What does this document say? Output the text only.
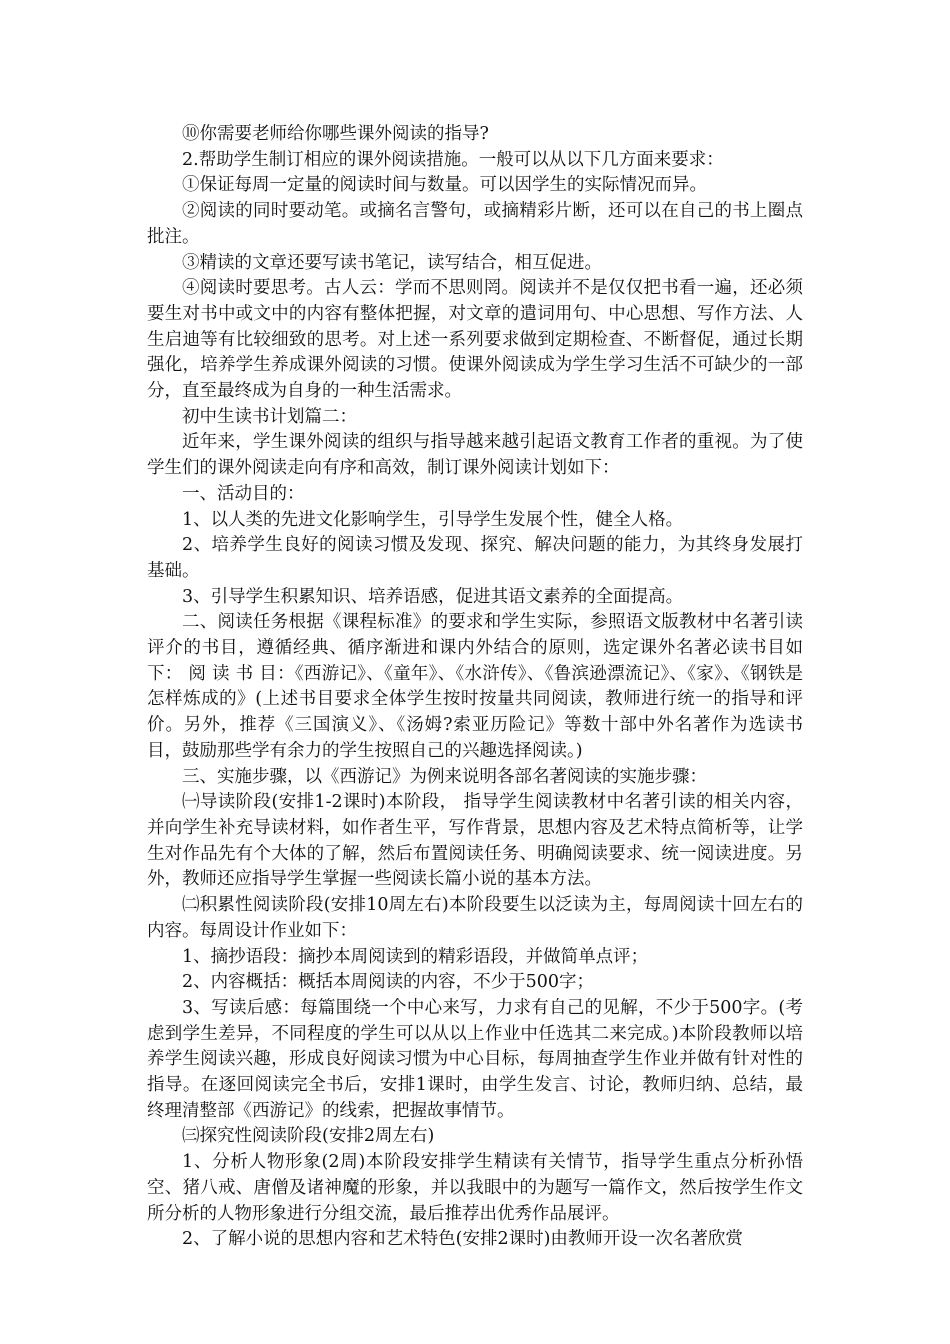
⑩你需要老师给你哪些课外阅读的指导?

2.帮助学生制订相应的课外阅读措施。一般可以从以下几方面来要求：

①保证每周一定量的阅读时间与数量。可以因学生的实际情况而异。

②阅读的同时要动笔。或摘名言警句，或摘精彩片断，还可以在自己的书上圈点批注。

③精读的文章还要写读书笔记，读写结合，相互促进。

④阅读时要思考。古人云：学而不思则罔。阅读并不是仅仅把书看一遍，还必须要生对书中或文中的内容有整体把握，对文章的遣词用句、中心思想、写作方法、人生启迪等有比较细致的思考。对上述一系列要求做到定期检查、不断督促，通过长期强化，培养学生养成课外阅读的习惯。使课外阅读成为学生学习生活不可缺少的一部分，直至最终成为自身的一种生活需求。

初中生读书计划篇二：

近年来，学生课外阅读的组织与指导越来越引起语文教育工作者的重视。为了使学生们的课外阅读走向有序和高效，制订课外阅读计划如下：

一、活动目的：

1、以人类的先进文化影响学生，引导学生发展个性，健全人格。

2、培养学生良好的阅读习惯及发现、探究、解决问题的能力，为其终身发展打基础。

3、引导学生积累知识、培养语感，促进其语文素养的全面提高。

二、阅读任务根据《课程标准》的要求和学生实际，参照语文版教材中名著引读评介的书目，遵循经典、循序渐进和课内外结合的原则，选定课外名著必读书目如下： 阅 读 书 目：《西游记》、《童年》、《水浒传》、《鲁滨逊漂流记》、《家》、《钢铁是怎样炼成的》(上述书目要求全体学生按时按量共同阅读，教师进行统一的指导和评价。另外，推荐《三国演义》、《汤姆?索亚历险记》等数十部中外名著作为选读书目，鼓励那些学有余力的学生按照自己的兴趣选择阅读。)

三、实施步骤，以《西游记》为例来说明各部名著阅读的实施步骤：

㈠导读阶段(安排1-2课时)本阶段， 指导学生阅读教材中名著引读的相关内容，并向学生补充导读材料，如作者生平，写作背景，思想内容及艺术特点简析等，让学生对作品先有个大体的了解，然后布置阅读任务、明确阅读要求、统一阅读进度。另外，教师还应指导学生掌握一些阅读长篇小说的基本方法。

㈡积累性阅读阶段(安排10周左右)本阶段要生以泛读为主，每周阅读十回左右的内容。每周设计作业如下：

1、摘抄语段：摘抄本周阅读到的精彩语段，并做简单点评；

2、内容概括：概括本周阅读的内容，不少于500字；

3、写读后感：每篇围绕一个中心来写，力求有自己的见解，不少于500字。(考虑到学生差异，不同程度的学生可以从以上作业中任选其二来完成。)本阶段教师以培养学生阅读兴趣，形成良好阅读习惯为中心目标，每周抽查学生作业并做有针对性的指导。在逐回阅读完全书后，安排1课时，由学生发言、讨论，教师归纳、总结，最终理清整部《西游记》的线索，把握故事情节。

㈢探究性阅读阶段(安排2周左右)

1、分析人物形象(2周)本阶段安排学生精读有关情节，指导学生重点分析孙悟空、猪八戒、唐僧及诸神魔的形象，并以我眼中的为题写一篇作文，然后按学生作文所分析的人物形象进行分组交流，最后推荐出优秀作品展评。

2、了解小说的思想内容和艺术特色(安排2课时)由教师开设一次名著欣赏
